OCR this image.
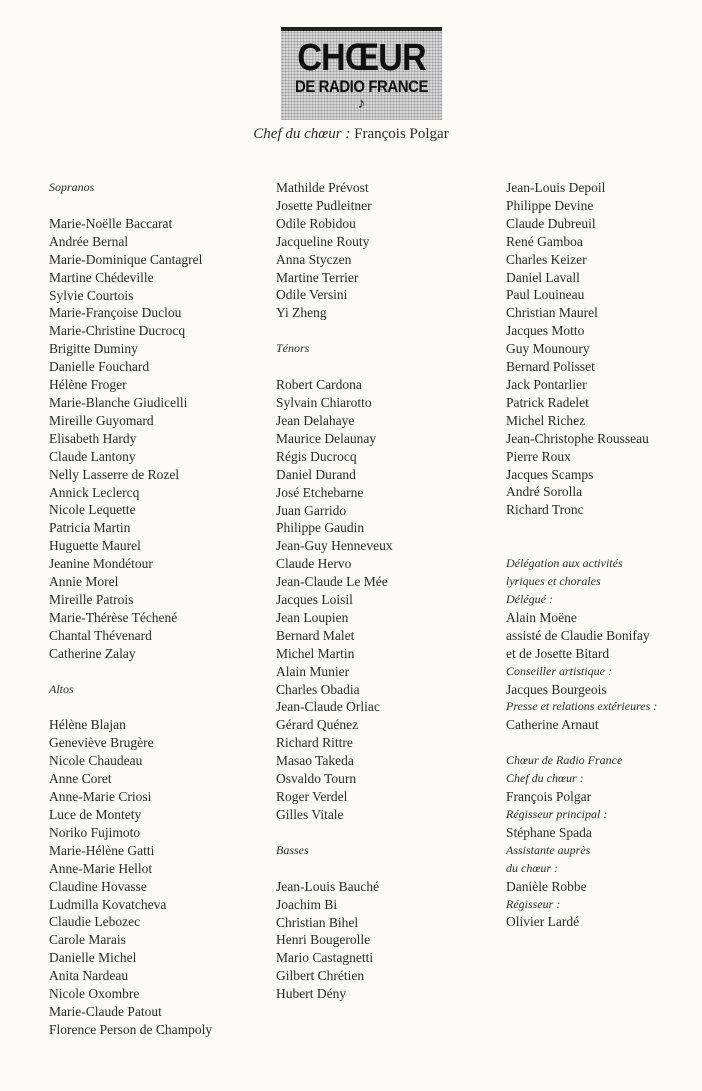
CHŒUR
DE RADIO FRANCE
♪
Chef du chœur : François Polgar
Sopranos
Marie-Noëlle Baccarat
Andrée Bernal
Marie-Dominique Cantagrel
Martine Chédeville
Sylvie Courtois
Marie-Françoise Duclou
Marie-Christine Ducrocq
Brigitte Duminy
Danielle Fouchard
Hélène Froger
Marie-Blanche Giudicelli
Mireille Guyomard
Elisabeth Hardy
Claude Lantony
Nelly Lasserre de Rozel
Annick Leclercq
Nicole Lequette
Patricia Martin
Huguette Maurel
Jeanine Mondétour
Annie Morel
Mireille Patrois
Marie-Thérèse Téchené
Chantal Thévenard
Catherine Zalay
Altos
Hélène Blajan
Geneviève Brugère
Nicole Chaudeau
Anne Coret
Anne-Marie Criosi
Luce de Montety
Noriko Fujimoto
Marie-Hélène Gatti
Anne-Marie Hellot
Claudine Hovasse
Ludmilla Kovatcheva
Claudie Lebozec
Carole Marais
Danielle Michel
Anita Nardeau
Nicole Oxombre
Marie-Claude Patout
Florence Person de Champoly
Mathilde Prévost
Josette Pudleitner
Odile Robidou
Jacqueline Routy
Anna Styczen
Martine Terrier
Odile Versini
Yi Zheng
Ténors
Robert Cardona
Sylvain Chiarotto
Jean Delahaye
Maurice Delaunay
Régis Ducrocq
Daniel Durand
José Etchebarne
Juan Garrido
Philippe Gaudin
Jean-Guy Henneveux
Claude Hervo
Jean-Claude Le Mée
Jacques Loisil
Jean Loupien
Bernard Malet
Michel Martin
Alain Munier
Charles Obadia
Jean-Claude Orliac
Gérard Quénez
Richard Rittre
Masao Takeda
Osvaldo Tourn
Roger Verdel
Gilles Vitale
Basses
Jean-Louis Bauché
Joachim Bi
Christian Bihel
Henri Bougerolle
Mario Castagnetti
Gilbert Chrétien
Hubert Dény
Jean-Louis Depoil
Philippe Devine
Claude Dubreuil
René Gamboa
Charles Keizer
Daniel Lavall
Paul Louineau
Christian Maurel
Jacques Motto
Guy Mounoury
Bernard Polisset
Jack Pontarlier
Patrick Radelet
Michel Richez
Jean-Christophe Rousseau
Pierre Roux
Jacques Scamps
André Sorolla
Richard Tronc
Délégation aux activités
lyriques et chorales
Délégué :
Alain Moëne
assisté de Claudie Bonifay
et de Josette Bitard
Conseiller artistique :
Jacques Bourgeois
Presse et relations extérieures :
Catherine Arnaut
Chœur de Radio France
Chef du chœur :
François Polgar
Régisseur principal :
Stéphane Spada
Assistante auprès
du chœur :
Danièle Robbe
Régisseur :
Olivier Lardé
